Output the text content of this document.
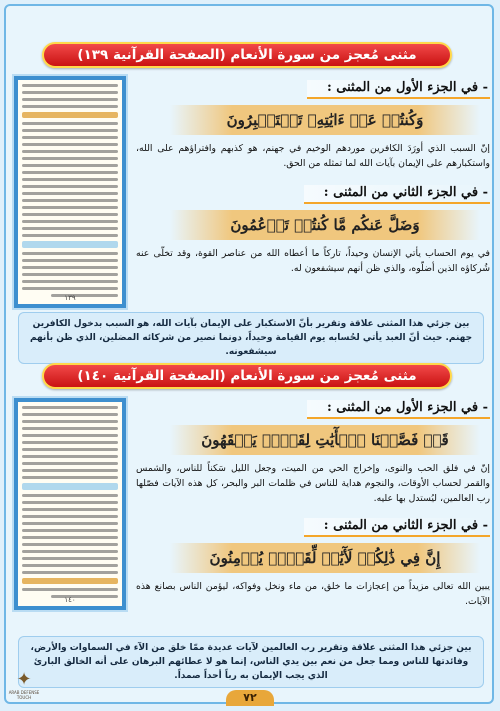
مثنى مُعجز من سورة الأنعام (الصفحة القرآنية ١٣٩)
١٣٩
- في الجزء الأول من المثنى :
وَكُنتُمۡ عَنۡ ءَايَٰتِهِۦ تَسۡتَكۡبِرُونَ
إنّ السبب الذي أورَدَ الكافرين موردهم الوخيم في جهنم، هو كذبهم وافتراؤهم على الله، واستكبارهم على الإيمان بآيات الله لما تمثله من الحق.
- في الجزء الثاني من المثنى :
وَضَلَّ عَنكُم مَّا كُنتُمۡ تَزۡعُمُونَ
في يوم الحساب يأتي الإنسان وحيداً، تاركاً ما أعطاه الله من عناصر القوة، وقد تخلّى عنه شُركاؤه الذين أضلّوه، والذي ظن أنهم سيشفعون له.
بين جزئي هذا المثنى علاقة وتقرير بأنّ الاستكبار على الإيمان بآيات الله، هو السبب بدخول الكافرين جهنم. حيث أنّ العبد يأتي لحُسابه يوم القيامة وحيداً، دونما نصير من شركائه المضلين، الذي ظن بأنهم سيشفعونه.
مثنى مُعجز من سورة الأنعام (الصفحة القرآنية ١٤٠)
١٤٠
- في الجزء الأول من المثنى :
قَدۡ فَصَّلۡنَا ٱلۡأٓيَٰتِ لِقَوۡمٖ يَفۡقَهُونَ
إنّ في فلق الحب والنوى، وإخراج الحي من الميت، وجعل الليل سَكناً للناس، والشمس والقمر لحساب الأوقات، والنجوم هداية للناس في ظلمات البر والبحر، كل هذه الآيات فصّلها رب العالمين، ليُستدل بها عليه.
- في الجزء الثاني من المثنى :
إِنَّ فِي ذَٰلِكُمۡ لَأٓيَٰتٖ لِّقَوۡمٖ يُؤۡمِنُونَ
يبين الله تعالى مزيداً من إعجازات ما خلق، من ماء ونخل وفواكه، ليؤمن الناس بصانع هذه الآيات.
بين جزئي هذا المثنى علاقة وتقرير رب العالمين لآيات عديدة ممّا خلق من الآء في السماوات والأرض، وفائدتها للناس ومما جعل من نعم بين يدي الناس، إنما هو لا عطائهم البرهان على أنه الخالق البارئ الذي يجب الإيمان به رباً أحداً صمداً.
✦
ARAB DEFENSE TOUCH	٧٢
